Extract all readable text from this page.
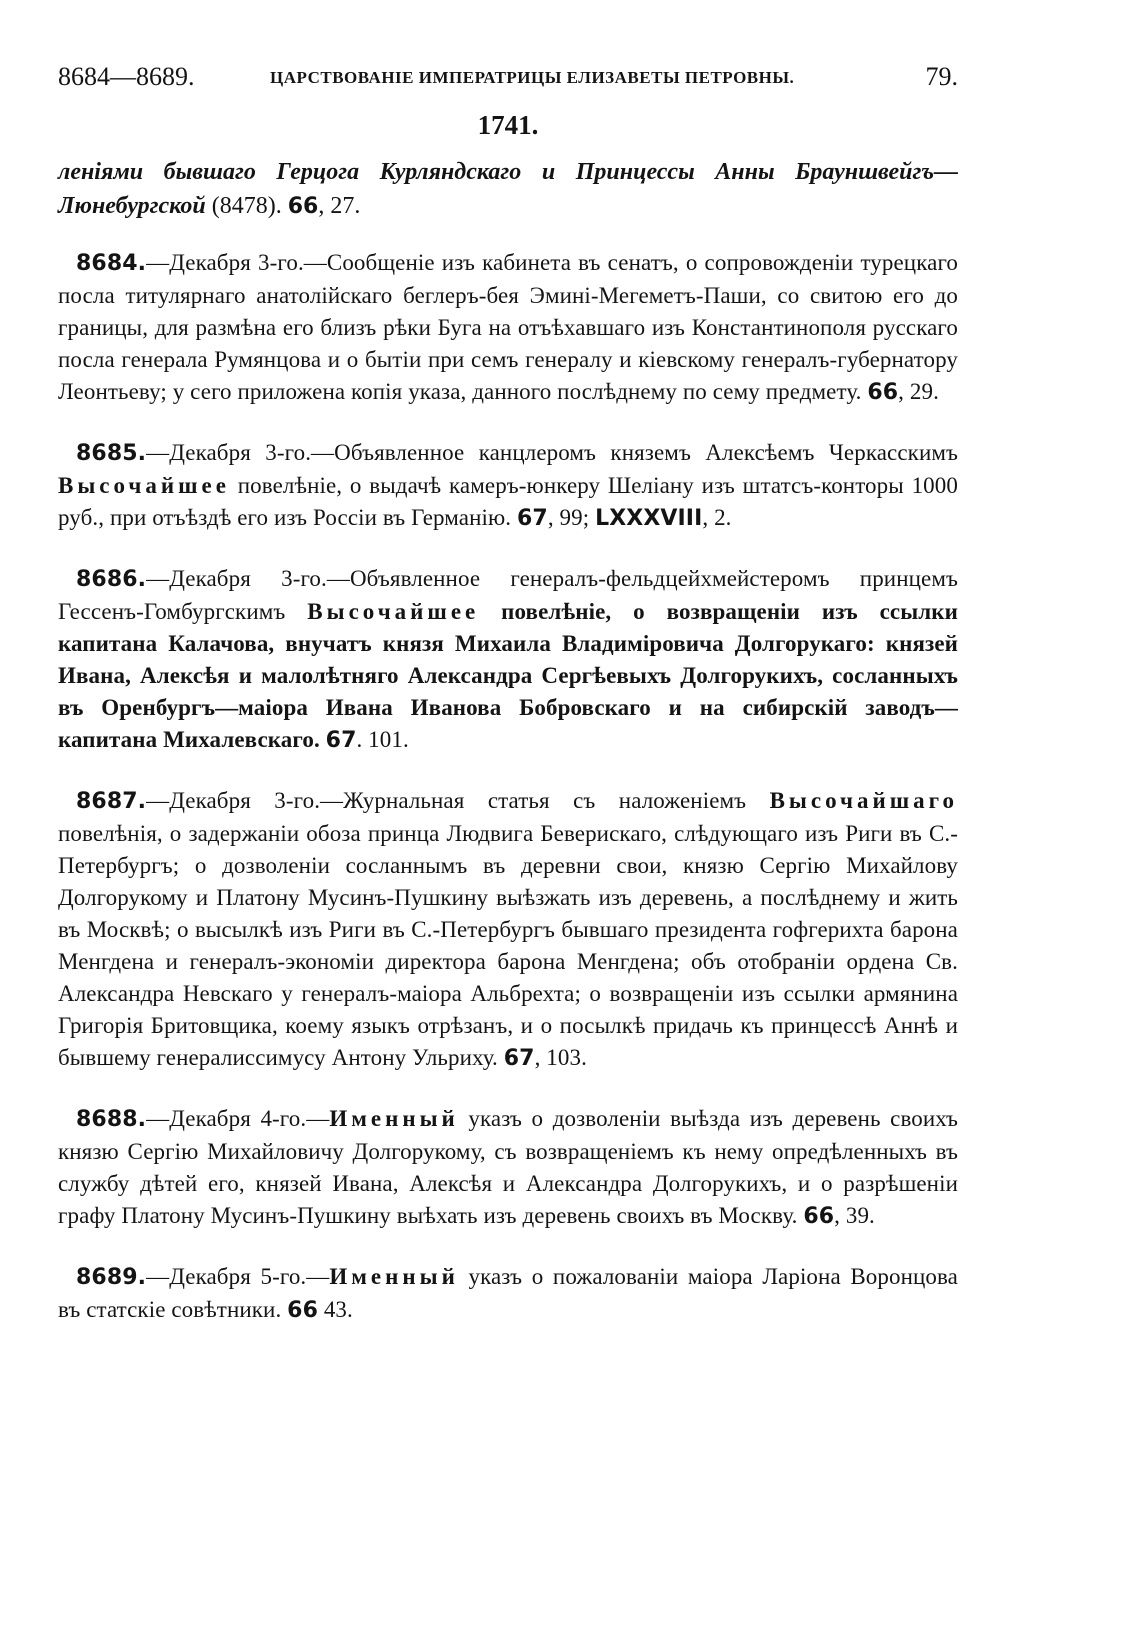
8684—8689.	ЦАРСТВОВАНІЕ ИМПЕРАТРИЦЫ ЕЛИЗАВЕТЫ ПЕТРОВНЫ.	79.
1741.
леніями бывшаго Герцога Курляндскаго и Принцессы Анны Брауншвейгъ—Люнебургской (8478). 66, 27.

8684.—Декабря 3-го.—Сообщеніе изъ кабинета въ сенатъ, о сопровожденіи турецкаго посла титулярнаго анатолійскаго беглеръ-бея Эмині-Мегеметъ-Паши, со свитою его до границы, для размѣна его близъ рѣки Буга на отъѣхавшаго изъ Константинополя русскаго посла генерала Румянцова и о бытіи при семъ генералу и кіевскому генералъ-губернатору Леонтьеву; у сего приложена копія указа, данного послѣднему по сему предмету. 66, 29.

8685.—Декабря 3-го.—Объявленное канцлеромъ княземъ Алексѣемъ Черкасскимъ Высочайшее повелѣніе, о выдачѣ камеръ-юнкеру Шеліану изъ штатсъ-конторы 1000 руб., при отъѣздѣ его изъ Россіи въ Германію. 67, 99; LXXXVIII, 2.

8686.—Декабря 3-го.—Объявленное генералъ-фельдцейхмейстеромъ принцемъ Гессенъ-Гомбургскимъ Высочайшее повелѣніе, о возвращеніи изъ ссылки капитана Калачова, внучатъ князя Михаила Владиміровича Долгорукаго: князей Ивана, Алексѣя и малолѣтняго Александра Сергѣевыхъ Долгорукихъ, сосланныхъ въ Оренбургъ—маіора Ивана Иванова Бобровскаго и на сибирскій заводъ—капитана Михалевскаго. 67. 101.

8687.—Декабря 3-го.—Журнальная статья съ наложеніемъ Высочайшаго повелѣнія, о задержаніи обоза принца Людвига Беверискаго, слѣдующаго изъ Риги въ С.-Петербургъ; о дозволеніи сосланнымъ въ деревни свои, князю Сергію Михайлову Долгорукому и Платону Мусинъ-Пушкину выѣзжать изъ деревень, а послѣднему и жить въ Москвѣ; о высылкѣ изъ Риги въ С.-Петербургъ бывшаго президента гофгерихта барона Менгдена и генералъ-экономіи директора барона Менгдена; объ отобраніи ордена Св. Александра Невскаго у генералъ-маіора Альбрехта; о возвращеніи изъ ссылки армянина Григорія Бритовщика, коему языкъ отрѣзанъ, и о посылкѣ придачь къ принцессѣ Аннѣ и бывшему генералиссимусу Антону Ульриху. 67, 103.

8688.—Декабря 4-го.—Именный указъ о дозволеніи выѣзда изъ деревень своихъ князю Сергію Михайловичу Долгорукому, съ возвращеніемъ къ нему опредѣленныхъ въ службу дѣтей его, князей Ивана, Алексѣя и Александра Долгорукихъ, и о разрѣшеніи графу Платону Мусинъ-Пушкину выѣхать изъ деревень своихъ въ Москву. 66, 39.

8689.—Декабря 5-го.—Именный указъ о пожалованіи маіора Ларіона Воронцова въ статскіе совѣтники. 66 43.
